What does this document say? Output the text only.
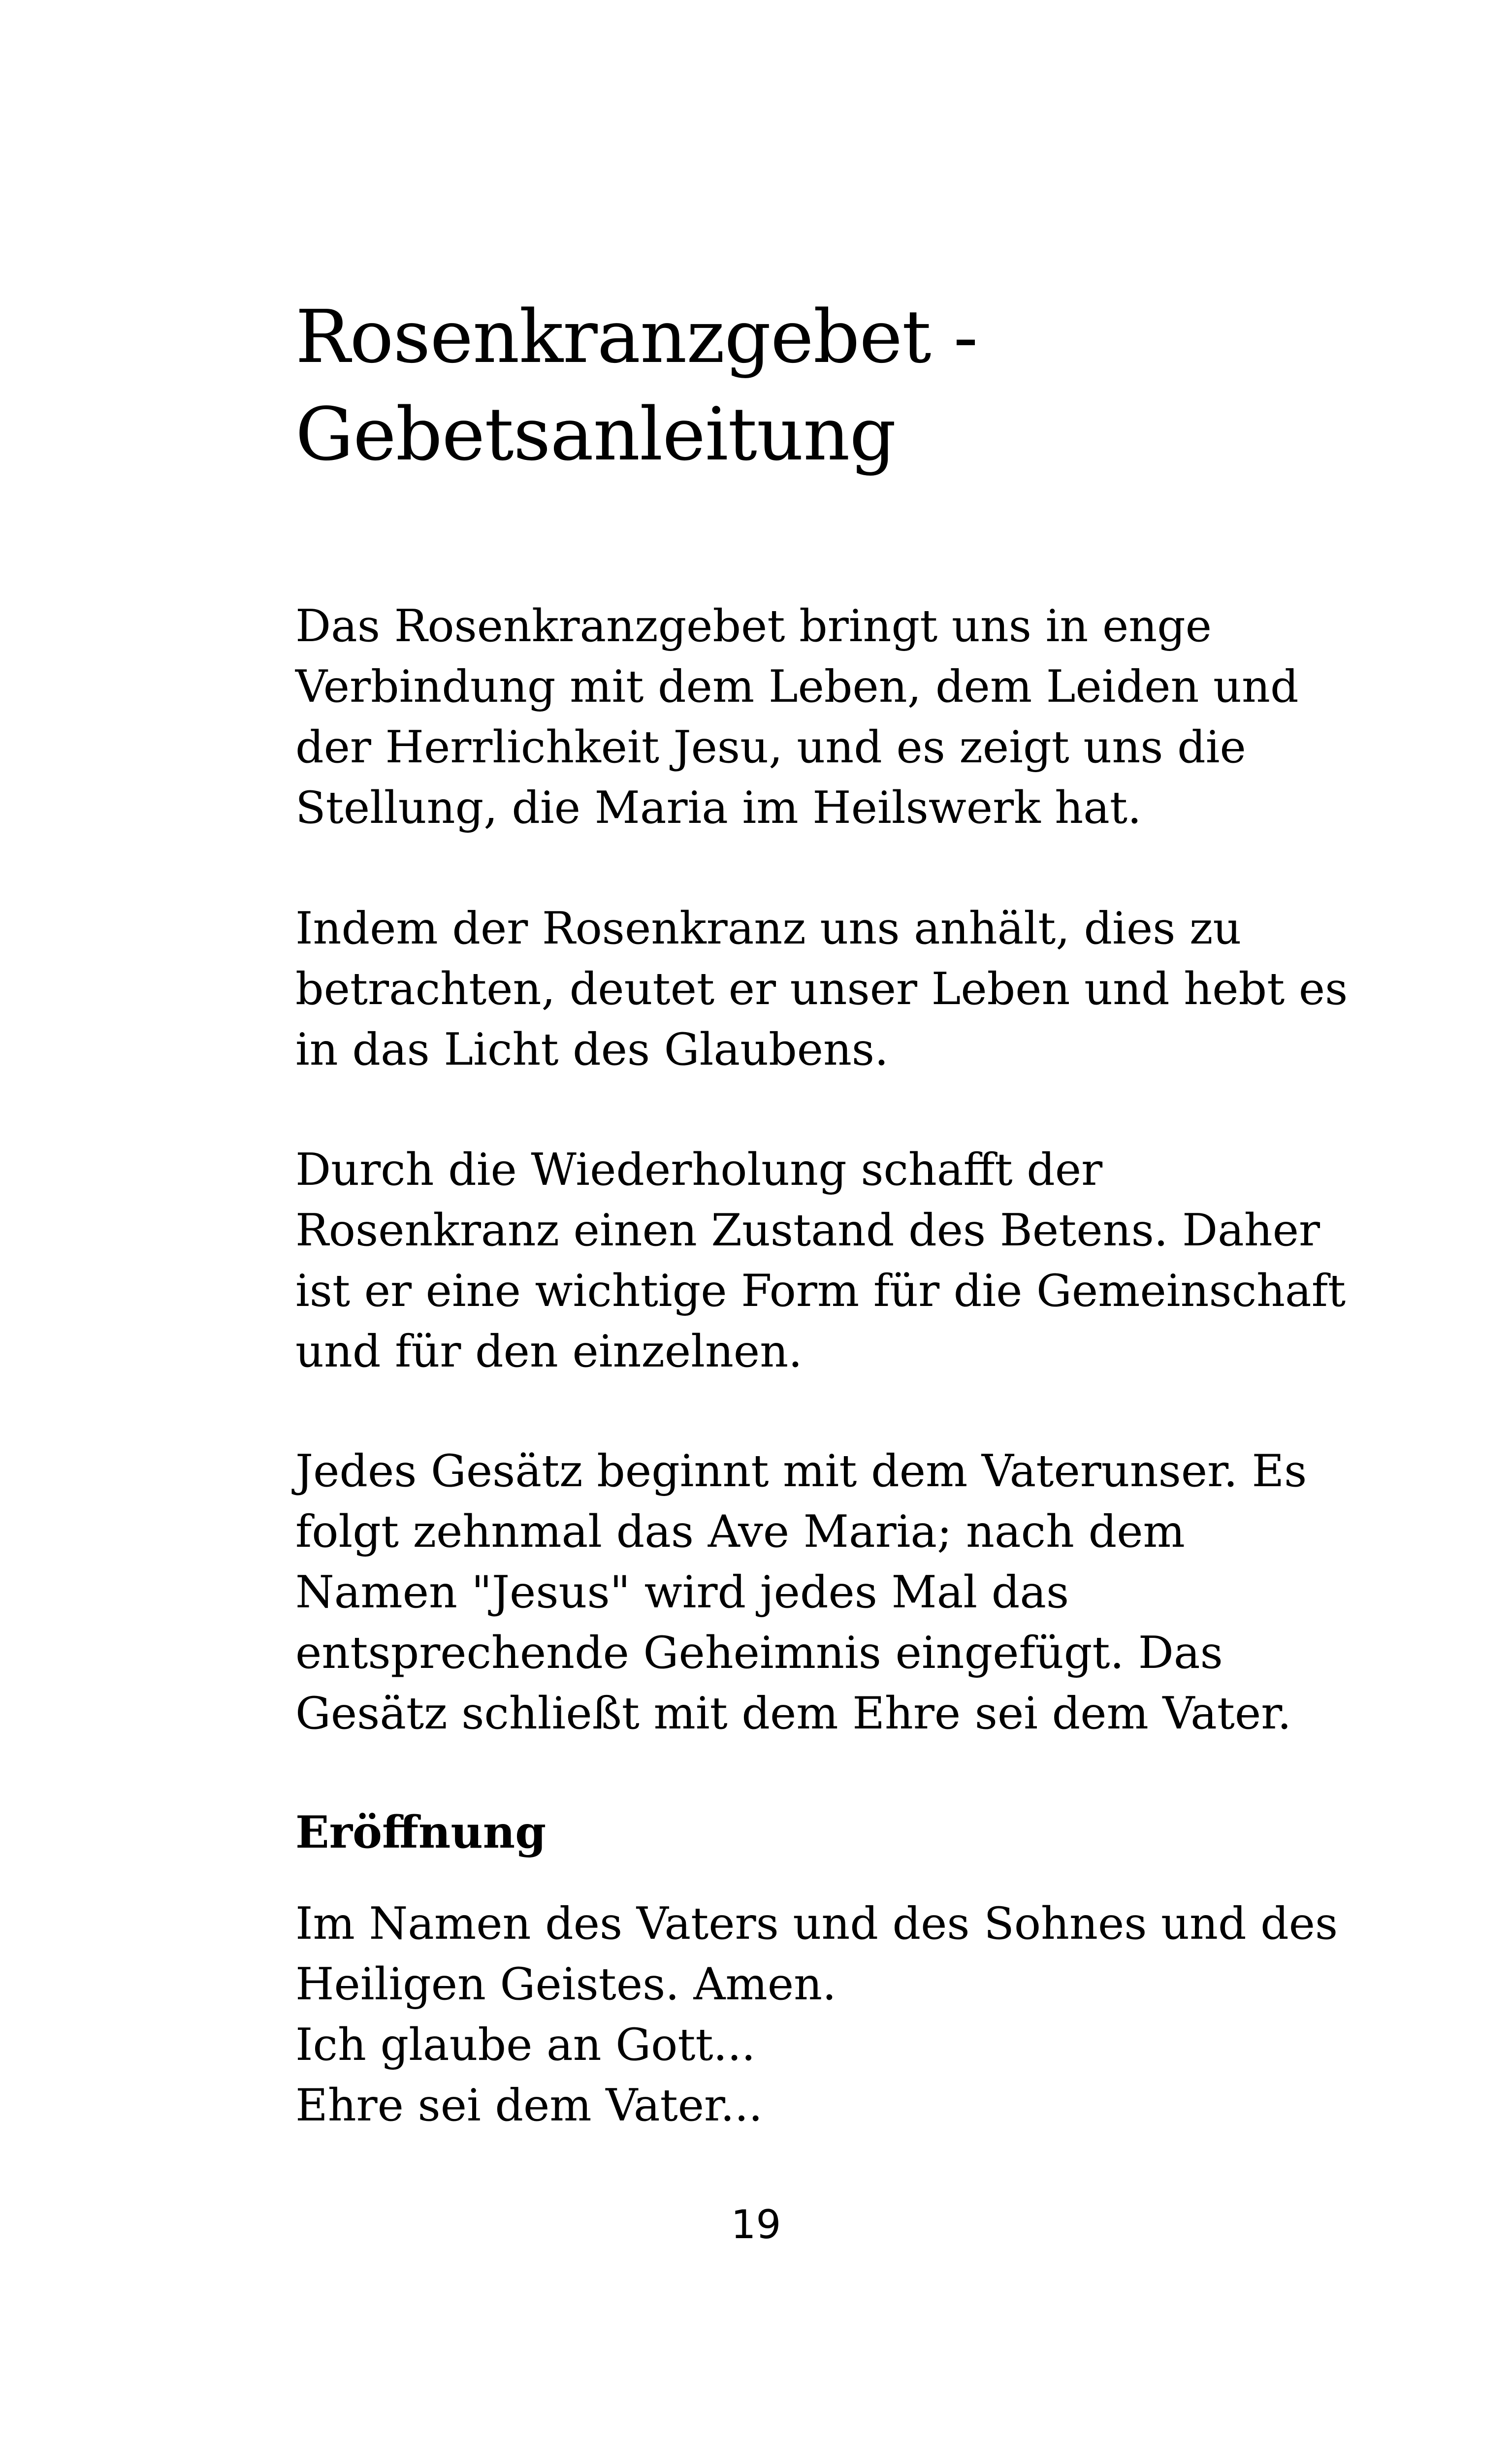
Rosenkranzgebet -
Gebetsanleitung
Das Rosenkranzgebet bringt uns in enge
Verbindung mit dem Leben, dem Leiden und
der Herrlichkeit Jesu, und es zeigt uns die
Stellung, die Maria im Heilswerk hat.
Indem der Rosenkranz uns anhält, dies zu
betrachten, deutet er unser Leben und hebt es
in das Licht des Glaubens.
Durch die Wiederholung schafft der
Rosenkranz einen Zustand des Betens. Daher
ist er eine wichtige Form für die Gemeinschaft
und für den einzelnen.
Jedes Gesätz beginnt mit dem Vaterunser. Es
folgt zehnmal das Ave Maria; nach dem
Namen "Jesus" wird jedes Mal das
entsprechende Geheimnis eingefügt. Das
Gesätz schließt mit dem Ehre sei dem Vater.
Eröffnung
Im Namen des Vaters und des Sohnes und des
Heiligen Geistes. Amen.
Ich glaube an Gott...
Ehre sei dem Vater...
19
